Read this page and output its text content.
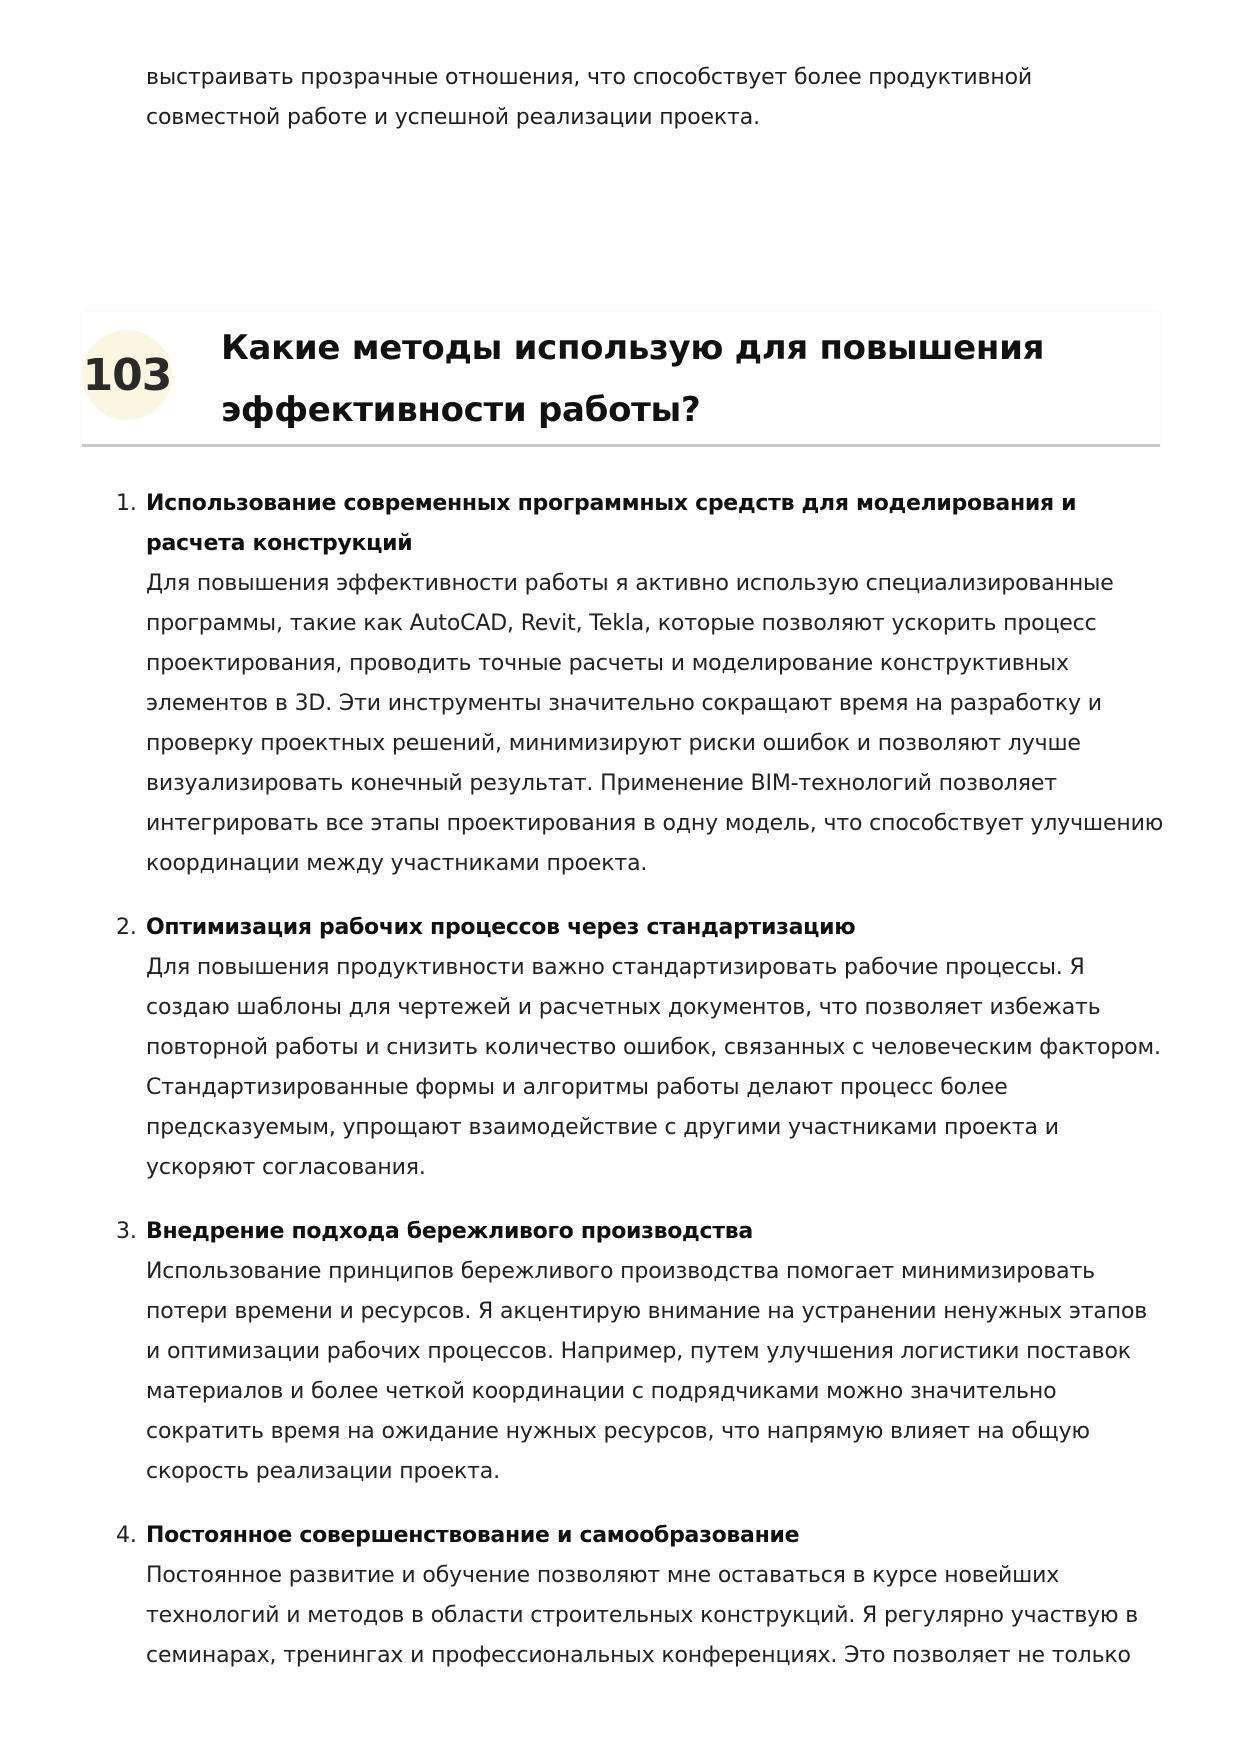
выстраивать прозрачные отношения, что способствует более продуктивной совместной работе и успешной реализации проекта.

103
Какие методы использую для повышения эффективности работы?
1. Использование современных программных средств для моделирования и расчета конструкций
Для повышения эффективности работы я активно использую специализированные программы, такие как AutoCAD, Revit, Tekla, которые позволяют ускорить процесс проектирования, проводить точные расчеты и моделирование конструктивных элементов в 3D. Эти инструменты значительно сокращают время на разработку и проверку проектных решений, минимизируют риски ошибок и позволяют лучше визуализировать конечный результат. Применение BIM-технологий позволяет интегрировать все этапы проектирования в одну модель, что способствует улучшению координации между участниками проекта.
2. Оптимизация рабочих процессов через стандартизацию
Для повышения продуктивности важно стандартизировать рабочие процессы. Я создаю шаблоны для чертежей и расчетных документов, что позволяет избежать повторной работы и снизить количество ошибок, связанных с человеческим фактором. Стандартизированные формы и алгоритмы работы делают процесс более предсказуемым, упрощают взаимодействие с другими участниками проекта и ускоряют согласования.
3. Внедрение подхода бережливого производства
Использование принципов бережливого производства помогает минимизировать потери времени и ресурсов. Я акцентирую внимание на устранении ненужных этапов и оптимизации рабочих процессов. Например, путем улучшения логистики поставок материалов и более четкой координации с подрядчиками можно значительно сократить время на ожидание нужных ресурсов, что напрямую влияет на общую скорость реализации проекта.
4. Постоянное совершенствование и самообразование
Постоянное развитие и обучение позволяют мне оставаться в курсе новейших технологий и методов в области строительных конструкций. Я регулярно участвую в семинарах, тренингах и профессиональных конференциях. Это позволяет не только
